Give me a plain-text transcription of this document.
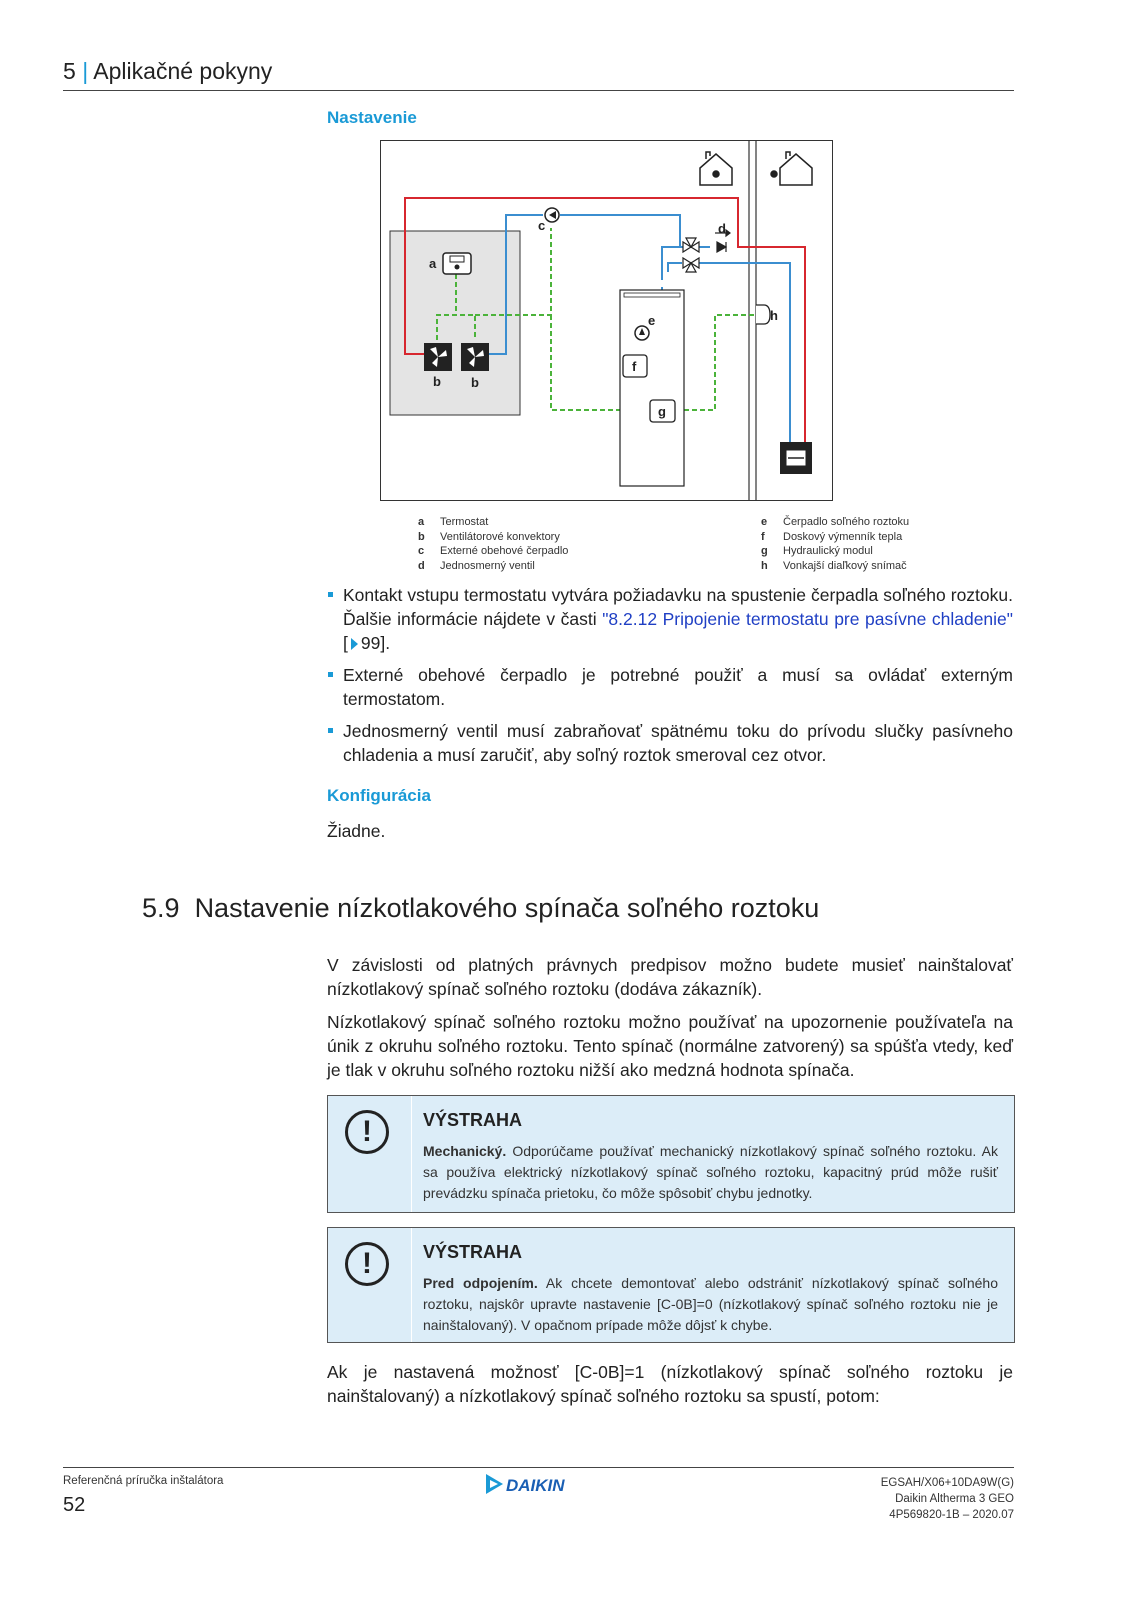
5 | Aplikačné pokyny
Nastavenie
a
b b
c	d
e
f
g
h
a	Termostat
b	Ventilátorové konvektory
c	Externé obehové čerpadlo
d	Jednosmerný ventil
e	Čerpadlo soľného roztoku
f	Doskový výmenník tepla
g	Hydraulický modul
h	Vonkajší diaľkový snímač
Kontakt vstupu termostatu vytvára požiadavku na spustenie čerpadla soľného roztoku. Ďalšie informácie nájdete v časti "8.2.12 Pripojenie termostatu pre pasívne chladenie" [ 99].
Externé obehové čerpadlo je potrebné použiť a musí sa ovládať externým termostatom.
Jednosmerný ventil musí zabraňovať spätnému toku do prívodu slučky pasívneho chladenia a musí zaručiť, aby soľný roztok smeroval cez otvor.
Konfigurácia
Žiadne.
5.9 Nastavenie nízkotlakového spínača soľného roztoku
V závislosti od platných právnych predpisov možno budete musieť nainštalovať nízkotlakový spínač soľného roztoku (dodáva zákazník).
Nízkotlakový spínač soľného roztoku možno používať na upozornenie používateľa na únik z okruhu soľného roztoku. Tento spínač (normálne zatvorený) sa spúšťa vtedy, keď je tlak v okruhu soľného roztoku nižší ako medzná hodnota spínača.
!	VÝSTRAHA
Mechanický. Odporúčame používať mechanický nízkotlakový spínač soľného roztoku. Ak sa používa elektrický nízkotlakový spínač soľného roztoku, kapacitný prúd môže rušiť prevádzku spínača prietoku, čo môže spôsobiť chybu jednotky.
!	VÝSTRAHA
Pred odpojením. Ak chcete demontovať alebo odstrániť nízkotlakový spínač soľného roztoku, najskôr upravte nastavenie [C-0B]=0 (nízkotlakový spínač soľného roztoku nie je nainštalovaný). V opačnom prípade môže dôjsť k chybe.
Ak je nastavená možnosť [C-0B]=1 (nízkotlakový spínač soľného roztoku je nainštalovaný) a nízkotlakový spínač soľného roztoku sa spustí, potom:
Referenčná príručka inštalátora
52
DAIKIN	EGSAH/X06+10DA9W(G)
Daikin Altherma 3 GEO
4P569820-1B – 2020.07
